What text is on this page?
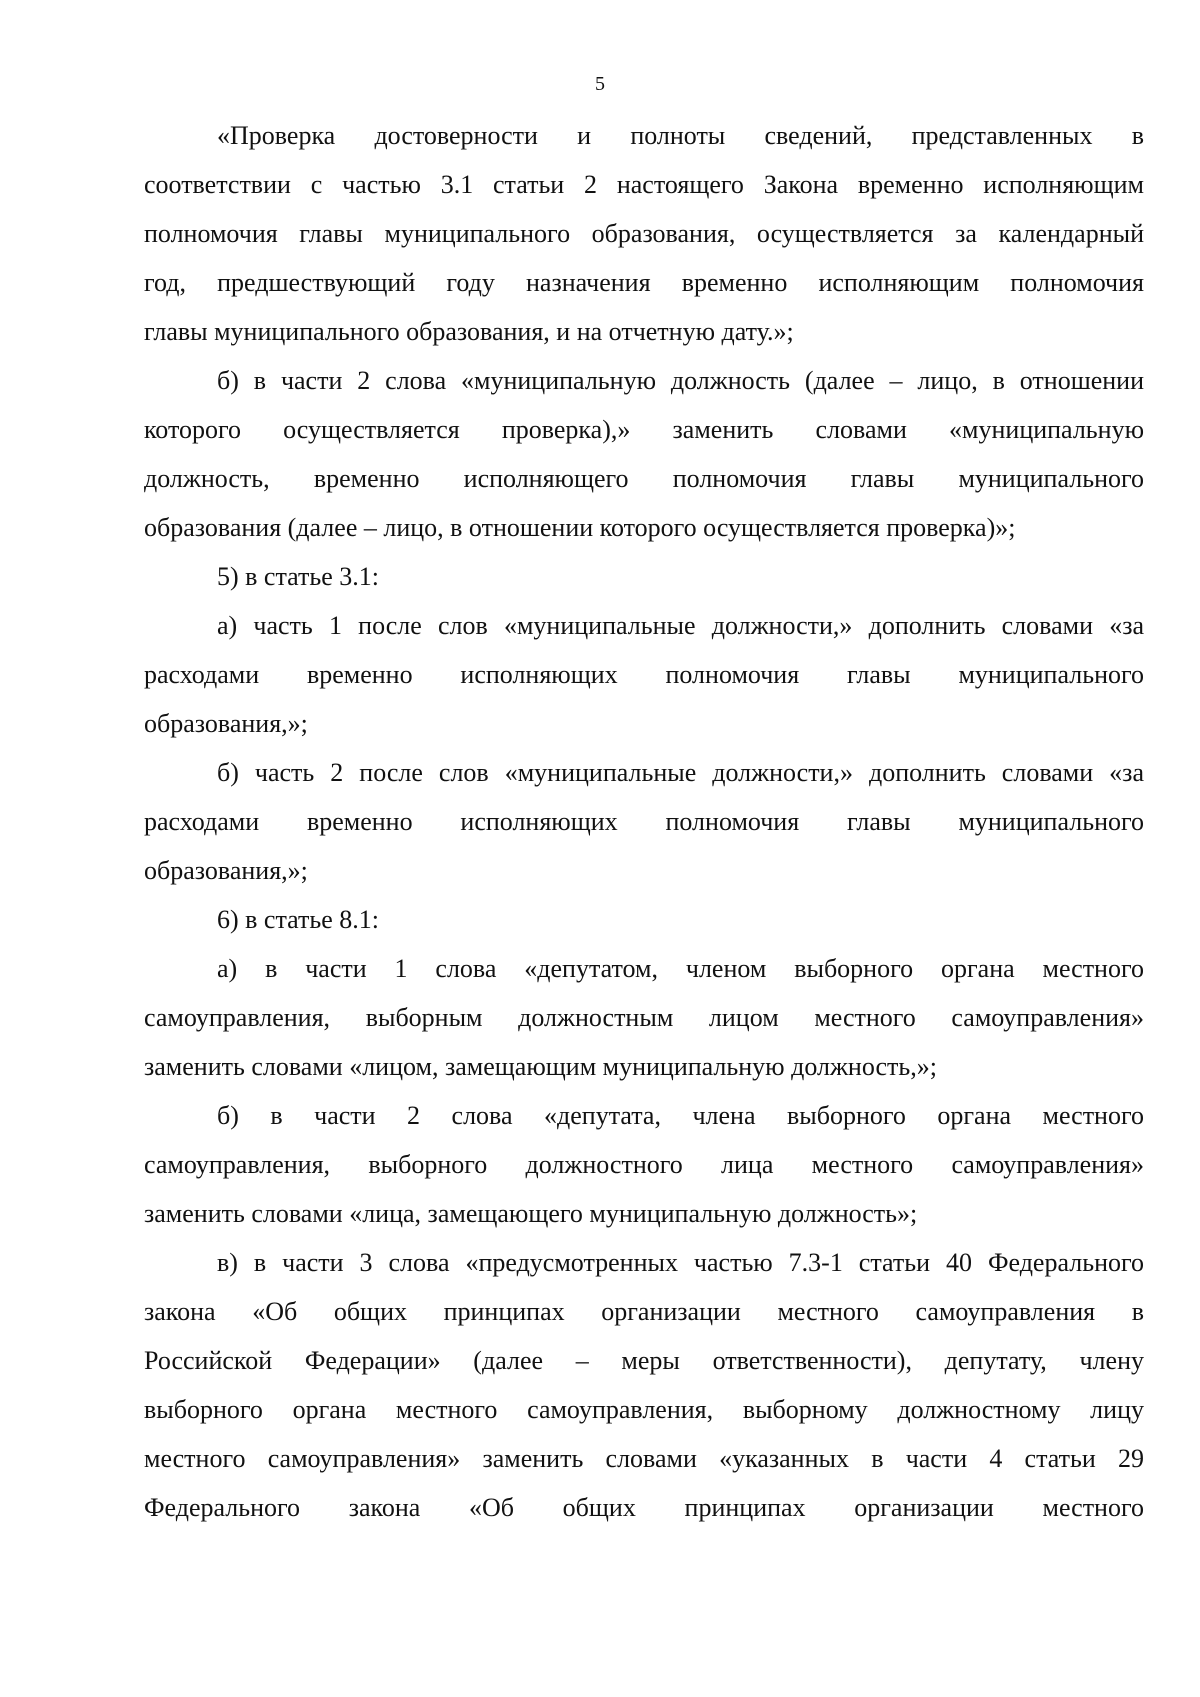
5
«Проверка достоверности и полноты сведений, представленных в
соответствии с частью 3.1 статьи 2 настоящего Закона временно исполняющим
полномочия главы муниципального образования, осуществляется за календарный
год, предшествующий году назначения временно исполняющим полномочия
главы муниципального образования, и на отчетную дату.»;
б) в части 2 слова «муниципальную должность (далее – лицо, в отношении
которого осуществляется проверка),» заменить словами «муниципальную
должность, временно исполняющего полномочия главы муниципального
образования (далее – лицо, в отношении которого осуществляется проверка)»;
5) в статье 3.1:
а) часть 1 после слов «муниципальные должности,» дополнить словами «за
расходами временно исполняющих полномочия главы муниципального
образования,»;
б) часть 2 после слов «муниципальные должности,» дополнить словами «за
расходами временно исполняющих полномочия главы муниципального
образования,»;
6) в статье 8.1:
а) в части 1 слова «депутатом, членом выборного органа местного
самоуправления, выборным должностным лицом местного самоуправления»
заменить словами «лицом, замещающим муниципальную должность,»;
б) в части 2 слова «депутата, члена выборного органа местного
самоуправления, выборного должностного лица местного самоуправления»
заменить словами «лица, замещающего муниципальную должность»;
в) в части 3 слова «предусмотренных частью 7.3-1 статьи 40 Федерального
закона «Об общих принципах организации местного самоуправления в
Российской Федерации» (далее – меры ответственности), депутату, члену
выборного органа местного самоуправления, выборному должностному лицу
местного самоуправления» заменить словами «указанных в части 4 статьи 29
Федерального закона «Об общих принципах организации местного
